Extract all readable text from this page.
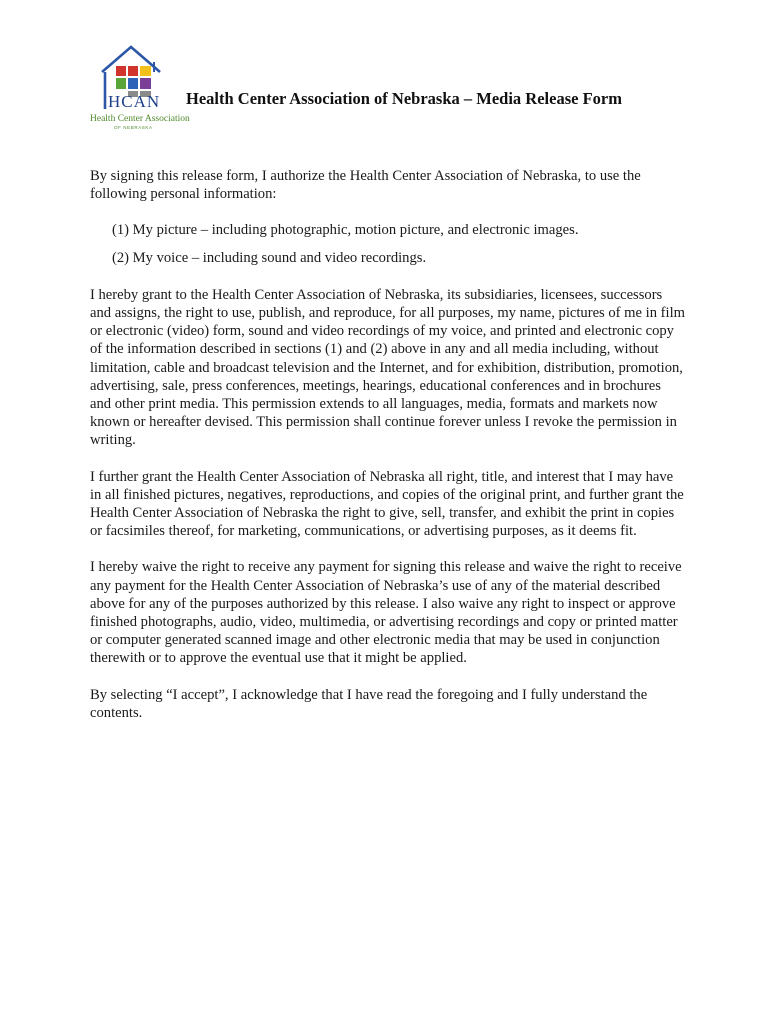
HCAN
Health Center Association
OF NEBRASKA
Health Center Association of Nebraska – Media Release Form

By signing this release form, I authorize the Health Center Association of Nebraska, to use the following personal information:

(1) My picture – including photographic, motion picture, and electronic images.

(2) My voice – including sound and video recordings.

I hereby grant to the Health Center Association of Nebraska, its subsidiaries, licensees, successors and assigns, the right to use, publish, and reproduce, for all purposes, my name, pictures of me in film or electronic (video) form, sound and video recordings of my voice, and printed and electronic copy of the information described in sections (1) and (2) above in any and all media including, without limitation, cable and broadcast television and the Internet, and for exhibition, distribution, promotion, advertising, sale, press conferences, meetings, hearings, educational conferences and in brochures and other print media. This permission extends to all languages, media, formats and markets now known or hereafter devised. This permission shall continue forever unless I revoke the permission in writing.

I further grant the Health Center Association of Nebraska all right, title, and interest that I may have in all finished pictures, negatives, reproductions, and copies of the original print, and further grant the Health Center Association of Nebraska the right to give, sell, transfer, and exhibit the print in copies or facsimiles thereof, for marketing, communications, or advertising purposes, as it deems fit.

I hereby waive the right to receive any payment for signing this release and waive the right to receive any payment for the Health Center Association of Nebraska’s use of any of the material described above for any of the purposes authorized by this release. I also waive any right to inspect or approve finished photographs, audio, video, multimedia, or advertising recordings and copy or printed matter or computer generated scanned image and other electronic media that may be used in conjunction therewith or to approve the eventual use that it might be applied.

By selecting “I accept”, I acknowledge that I have read the foregoing and I fully understand the contents.
